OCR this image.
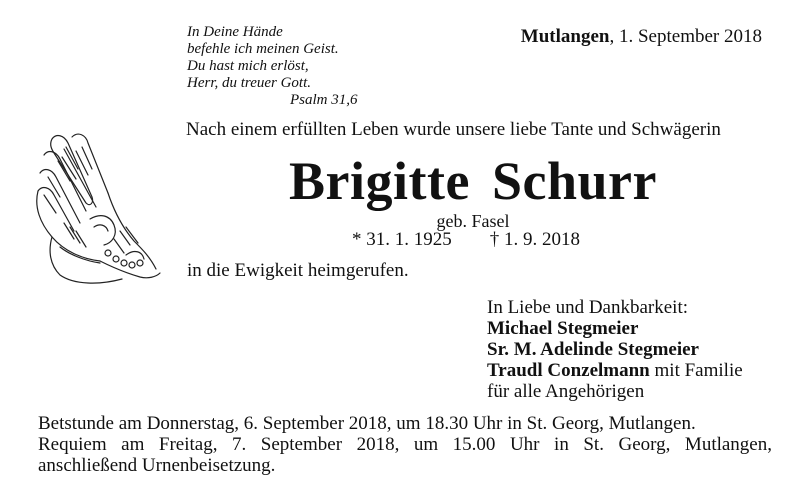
In Deine Hände
befehle ich meinen Geist.
Du hast mich erlöst,
Herr, du treuer Gott.
Psalm 31,6
Mutlangen, 1. September 2018
Nach einem erfüllten Leben wurde unsere liebe Tante und Schwägerin
Brigitte Schurr
geb. Fasel
* 31. 1. 1925 † 1. 9. 2018
in die Ewigkeit heimgerufen.
In Liebe und Dankbarkeit:
Michael Stegmeier
Sr. M. Adelinde Stegmeier
Traudl Conzelmann mit Familie
für alle Angehörigen
Betstunde am Donnerstag, 6. September 2018, um 18.30 Uhr in St. Georg, Mutlangen.
Requiem am Freitag, 7. September 2018, um 15.00 Uhr in St. Georg, Mutlangen,
anschließend Urnenbeisetzung.
